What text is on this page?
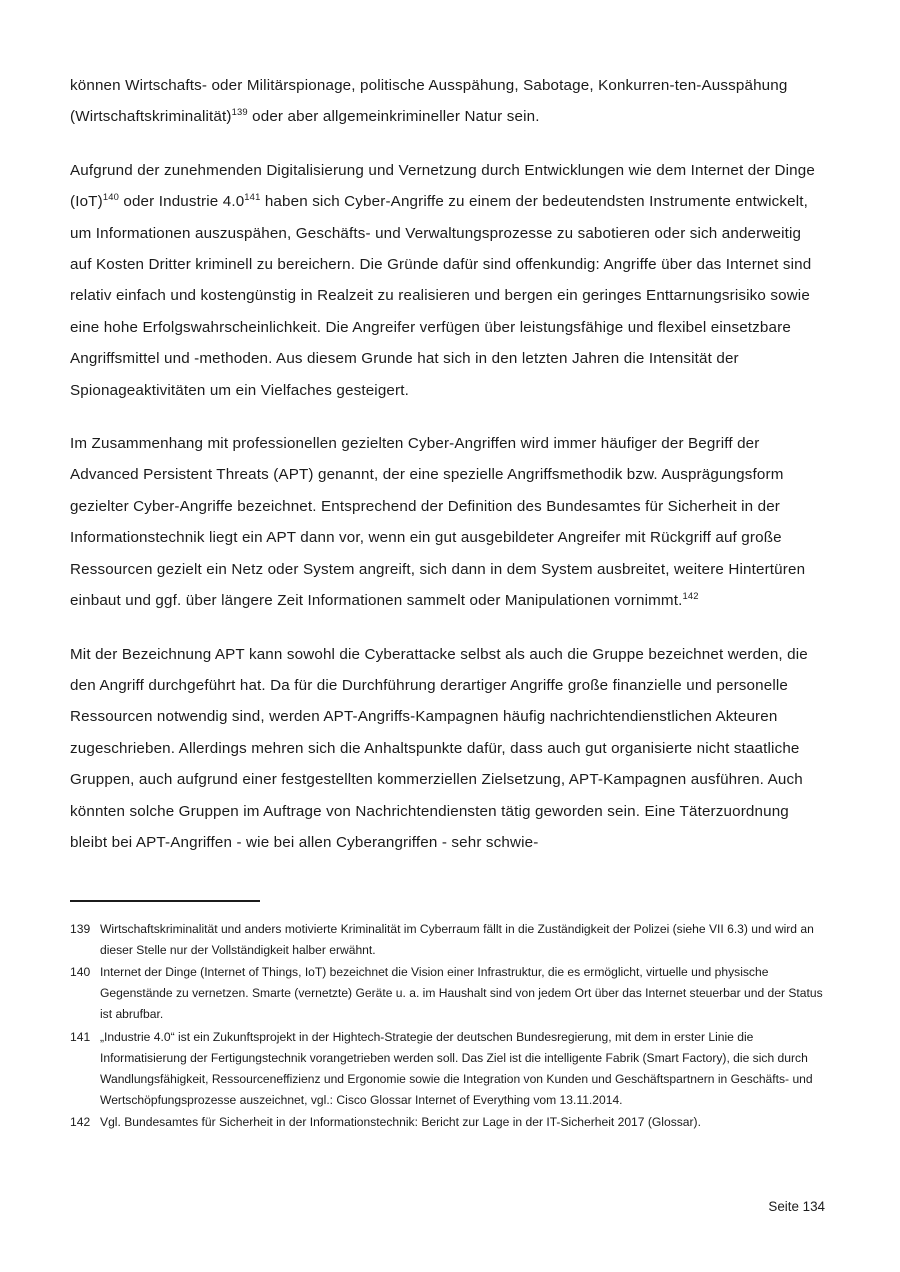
können Wirtschafts- oder Militärspionage, politische Ausspähung, Sabotage, Konkurren-ten-Ausspähung (Wirtschaftskriminalität)$^{139}$ oder aber allgemeinkrimineller Natur sein.

Aufgrund der zunehmenden Digitalisierung und Vernetzung durch Entwicklungen wie dem Internet der Dinge (IoT)$^{140}$ oder Industrie $4.0^{141}$ haben sich Cyber-Angriffe zu einem der bedeutendsten Instrumente entwickelt, um Informationen auszuspähen, Geschäfts- und Verwaltungsprozesse zu sabotieren oder sich anderweitig auf Kosten Dritter kriminell zu bereichern. Die Gründe dafür sind offenkundig: Angriffe über das Internet sind relativ einfach und kostengünstig in Realzeit zu realisieren und bergen ein geringes Enttarnungsrisiko sowie eine hohe Erfolgswahrscheinlichkeit. Die Angreifer verfügen über leistungsfähige und flexibel einsetzbare Angriffsmittel und -methoden. Aus diesem Grunde hat sich in den letzten Jahren die Intensität der Spionageaktivitäten um ein Vielfaches gesteigert.

Im Zusammenhang mit professionellen gezielten Cyber-Angriffen wird immer häufiger der Begriff der Advanced Persistent Threats (APT) genannt, der eine spezielle Angriffsmethodik bzw. Ausprägungsform gezielter Cyber-Angriffe bezeichnet. Entsprechend der Definition des Bundesamtes für Sicherheit in der Informationstechnik liegt ein APT dann vor, wenn ein gut ausgebildeter Angreifer mit Rückgriff auf große Ressourcen gezielt ein Netz oder System angreift, sich dann in dem System ausbreitet, weitere Hintertüren einbaut und ggf. über längere Zeit Informationen sammelt oder Manipulationen vornimmt.$^{142}$

Mit der Bezeichnung APT kann sowohl die Cyberattacke selbst als auch die Gruppe bezeichnet werden, die den Angriff durchgeführt hat. Da für die Durchführung derartiger Angriffe große finanzielle und personelle Ressourcen notwendig sind, werden APT-Angriffs-Kampagnen häufig nachrichtendienstlichen Akteuren zugeschrieben. Allerdings mehren sich die Anhaltspunkte dafür, dass auch gut organisierte nicht staatliche Gruppen, auch aufgrund einer festgestellten kommerziellen Zielsetzung, APT-Kampagnen ausführen. Auch könnten solche Gruppen im Auftrage von Nachrichtendiensten tätig geworden sein. Eine Täterzuordnung bleibt bei APT-Angriffen - wie bei allen Cyberangriffen - sehr schwie-

139 Wirtschaftskriminalität und anders motivierte Kriminalität im Cyberraum fällt in die Zuständigkeit der Polizei (siehe VII 6.3) und wird an dieser Stelle nur der Vollständigkeit halber erwähnt.
140 Internet der Dinge (Internet of Things, IoT) bezeichnet die Vision einer Infrastruktur, die es ermöglicht, virtuelle und physische Gegenstände zu vernetzen. Smarte (vernetzte) Geräte u. a. im Haushalt sind von jedem Ort über das Internet steuerbar und der Status ist abrufbar.
141 „Industrie 4.0“ ist ein Zukunftsprojekt in der Hightech-Strategie der deutschen Bundesregierung, mit dem in erster Linie die Informatisierung der Fertigungstechnik vorangetrieben werden soll. Das Ziel ist die intelligente Fabrik (Smart Factory), die sich durch Wandlungsfähigkeit, Ressourceneffizienz und Ergonomie sowie die Integration von Kunden und Geschäftspartnern in Geschäfts- und Wertschöpfungsprozesse auszeichnet, vgl.: Cisco Glossar Internet of Everything vom 13.11.2014.
142 Vgl. Bundesamtes für Sicherheit in der Informationstechnik: Bericht zur Lage in der IT-Sicherheit 2017 (Glossar).
Seite 134
